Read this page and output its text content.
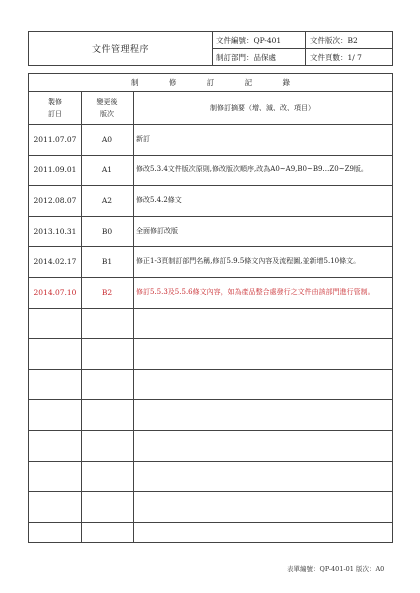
文件管理程序
文件編號：QP-401	文件版次：B2
制訂部門：品保處	文件頁數：1/ 7
制 修 訂 記 錄
製修
訂日
變更後
版次
制修訂摘要（增、減、改、項目）
2011.07.07	A0	新訂
2011.09.01	A1	修改5.3.4文件版次原則,修改版次順序,改為A0~A9,B0~B9…Z0~Z9版。
2012.08.07	A2	修改5.4.2條文
2013.10.31	B0	全面修訂改版
2014.02.17	B1	修正1-3頁制訂部門名稱,修訂5.9.5條文內容及流程圖,並新增5.10條文。
2014.07.10	B2	修訂5.5.3及5.5.6條文內容，如為產品整合處發行之文件由該部門進行管制。
表單編號：QP-401-01 版次：A0
